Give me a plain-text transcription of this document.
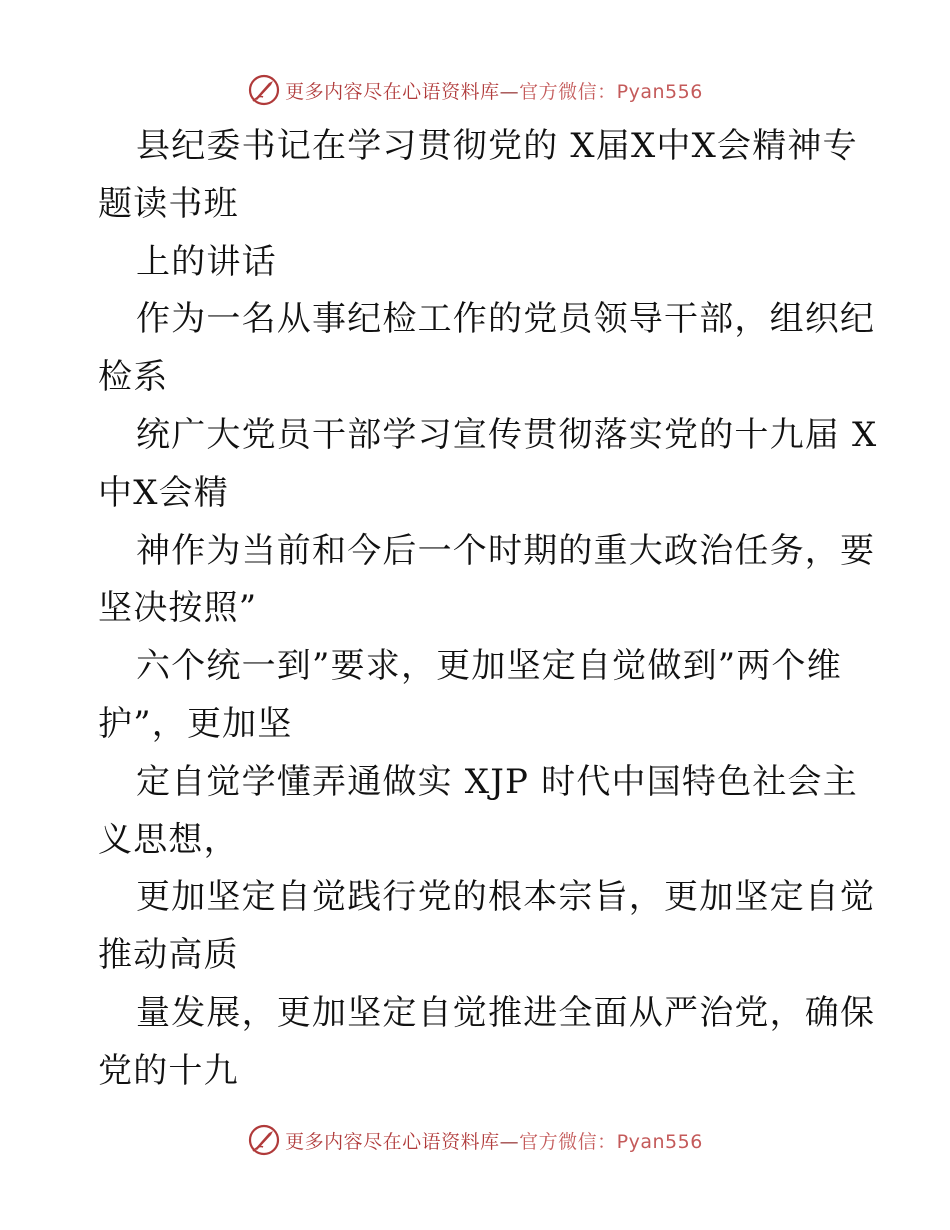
更多内容尽在心语资料库—官方微信：Pyan556
县纪委书记在学习贯彻党的 X届X中X会精神专
题读书班
上的讲话
作为一名从事纪检工作的党员领导干部，组织纪
检系
统广大党员干部学习宣传贯彻落实党的十九届 X
中X会精
神作为当前和今后一个时期的重大政治任务，要
坚决按照”
六个统一到”要求，更加坚定自觉做到”两个维
护”，更加坚
定自觉学懂弄通做实 XJP 时代中国特色社会主
义思想，
更加坚定自觉践行党的根本宗旨，更加坚定自觉
推动高质
量发展，更加坚定自觉推进全面从严治党，确保
党的十九
更多内容尽在心语资料库—官方微信：Pyan556
